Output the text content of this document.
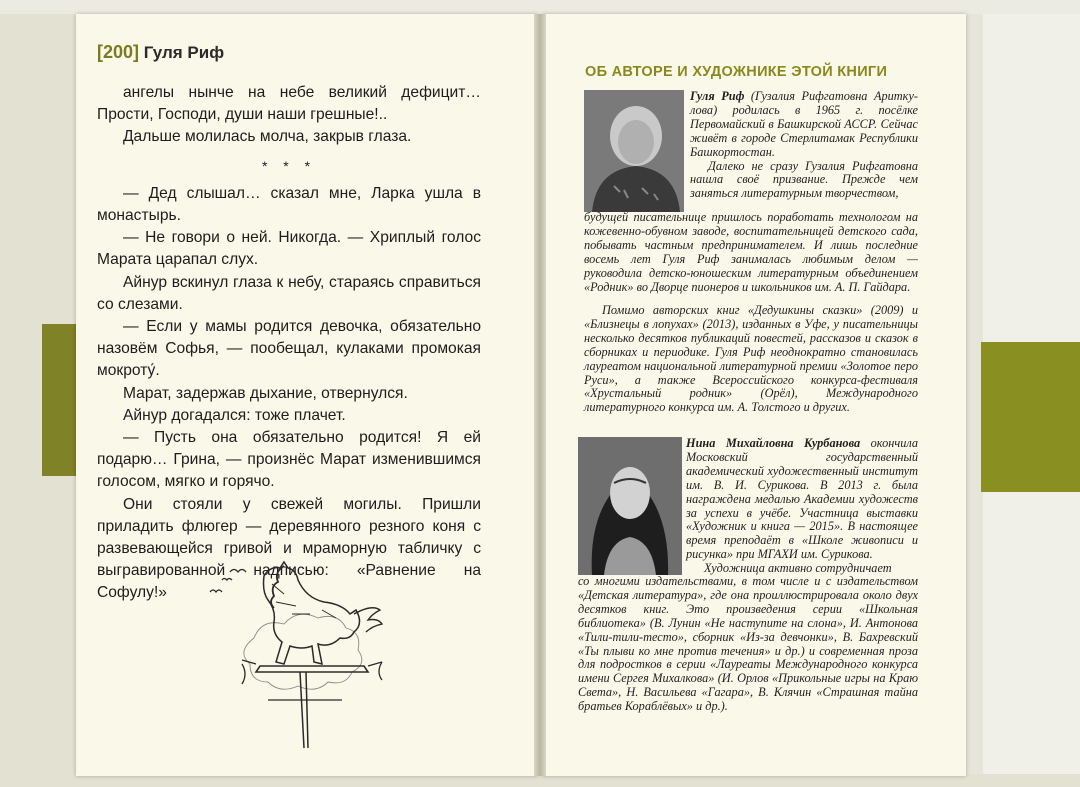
[200] Гуля Риф

ангелы нынче на небе великий дефицит… Прости, Господи, души наши грешные!..

Дальше молилась молча, закрыв глаза.

* * *

— Дед слышал… сказал мне, Ларка ушла в монастырь.

— Не говори о ней. Никогда. — Хриплый голос Марата царапал слух.

Айнур вскинул глаза к небу, стараясь справиться со слезами.

— Если у мамы родится девочка, обязательно назовём Софья, — пообещал, кулаками промокая мокроту́.

Марат, задержав дыхание, отвернулся.

Айнур догадался: тоже плачет.

— Пусть она обязательно родится! Я ей подарю… Грина, — произнёс Марат изменившимся голосом, мягко и горячо.

Они стояли у свежей могилы. Пришли приладить флюгер — деревянного резного коня с развевающейся гривой и мраморную табличку с выгравированной надписью: «Равнение на Софулу!»

ОБ АВТОРЕ И ХУДОЖНИКЕ ЭТОЙ КНИГИ

Гуля Риф (Гузалия Рифгатовна Аритку-лова) родилась в 1965 г. посёлке Первомайский в Башкирской АССР. Сейчас живёт в городе Стерлитамак Республики Башкортостан.

Далеко не сразу Гузалия Рифгатовна нашла своё призвание. Прежде чем заняться литературным творчеством,

будущей писательнице пришлось поработать технологом на кожевенно-обувном заводе, воспитательницей детского сада, побывать частным предпринимателем. И лишь последние восемь лет Гуля Риф занималась любимым делом — руководила детско-юношеским литературным объединением «Родник» во Дворце пионеров и школьников им. А. П. Гайдара.

Помимо авторских книг «Дедушкины сказки» (2009) и «Близнецы в лопухах» (2013), изданных в Уфе, у писательницы несколько десятков публикаций повестей, рассказов и сказок в сборниках и периодике. Гуля Риф неоднократно становилась лауреатом национальной литературной премии «Золотое перо Руси», а также Всероссийского конкурса-фестиваля «Хрустальный родник» (Орёл), Международного литературного конкурса им. А. Толстого и других.

Нина Михайловна Курбанова окончила Московский государственный академический художественный институт им. В. И. Сурикова. В 2013 г. была награждена медалью Академии художеств за успехи в учёбе. Участница выставки «Художник и книга — 2015». В настоящее время преподаёт в «Школе живописи и рисунка» при МГАХИ им. Сурикова.

Художница активно сотрудничает

со многими издательствами, в том числе и с издательством «Детская литература», где она проиллюстрировала около двух десятков книг. Это произведения серии «Школьная библиотека» (В. Лунин «Не наступите на слона», И. Антонова «Тили-тили-тесто», сборник «Из-за девчонки», В. Бахревский «Ты плыви ко мне против течения» и др.) и современная проза для подростков в серии «Лауреаты Международного конкурса имени Сергея Михалкова» (И. Орлов «Прикольные игры на Краю Света», Н. Васильева «Гагара», В. Клячин «Страшная тайна братьев Кораблёвых» и др.).
